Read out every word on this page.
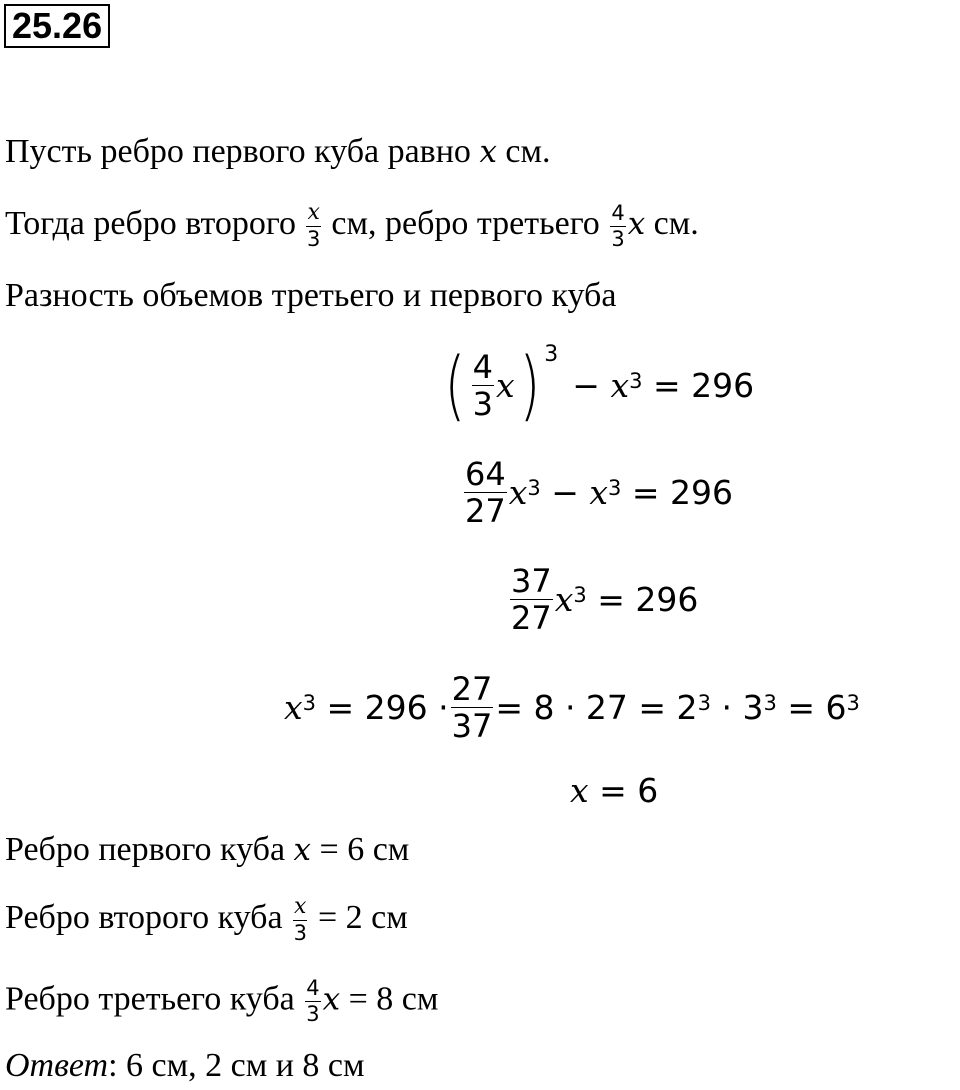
25.26
Пусть ребро первого куба равно x см.
Тогда ребро второго $\frac{x}{3}$ см, ребро третьего $\frac{4}{3}$ x см.
Разность объемов третьего и первого куба
( $\frac{4}{3}$ x ) 3
−
$x^3$
= 296
$\frac{64}{27} x^3$
−
$x^3$
= 296
$\frac{37}{27} x^3$
= 296
$x^3$
= $296 \cdot \frac{27}{37} = 8 \cdot 27 = 2^3$
·
$3^3$
= $6^3$
x
= 6
Ребро первого куба x = 6 см
Ребро второго куба $\frac{x}{3} = 2$ см
Ребро третьего куба $\frac{4}{3}$ x = 8 см
Ответ: 6 см, 2 см и 8 см
